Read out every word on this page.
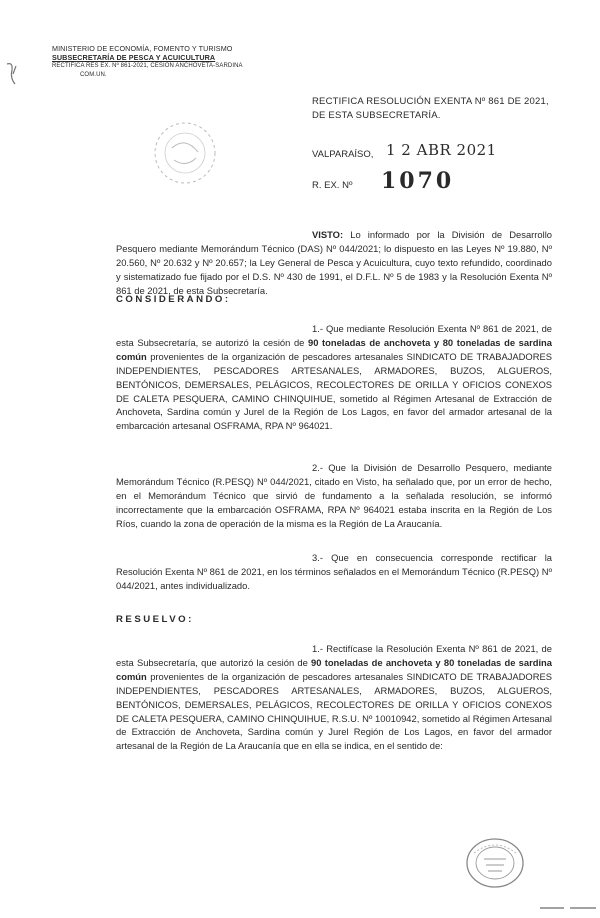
MINISTERIO DE ECONOMÍA, FOMENTO Y TURISMO
SUBSECRETARÍA DE PESCA Y ACUICULTURA
RECTIFICA RES EX. Nº 861-2021, CESIÓN ANCHOVETA-SARDINA
COM.UN.
RECTIFICA RESOLUCIÓN EXENTA Nº 861 DE 2021,
DE ESTA SUBSECRETARÍA.
VALPARAÍSO, 1 2 ABR 2021
R. EX. Nº 1070
VISTO: Lo informado por la División de Desarrollo Pesquero mediante Memorándum Técnico (DAS) Nº 044/2021; lo dispuesto en las Leyes Nº 19.880, Nº 20.560, Nº 20.632 y Nº 20.657; la Ley General de Pesca y Acuicultura, cuyo texto refundido, coordinado y sistematizado fue fijado por el D.S. Nº 430 de 1991, el D.F.L. Nº 5 de 1983 y la Resolución Exenta Nº 861 de 2021, de esta Subsecretaría.
CONSIDERANDO:
1.- Que mediante Resolución Exenta Nº 861 de 2021, de esta Subsecretaría, se autorizó la cesión de 90 toneladas de anchoveta y 80 toneladas de sardina común provenientes de la organización de pescadores artesanales SINDICATO DE TRABAJADORES INDEPENDIENTES, PESCADORES ARTESANALES, ARMADORES, BUZOS, ALGUEROS, BENTÓNICOS, DEMERSALES, PELÁGICOS, RECOLECTORES DE ORILLA Y OFICIOS CONEXOS DE CALETA PESQUERA, CAMINO CHINQUIHUE, sometido al Régimen Artesanal de Extracción de Anchoveta, Sardina común y Jurel de la Región de Los Lagos, en favor del armador artesanal de la embarcación artesanal OSFRAMA, RPA Nº 964021.
2.- Que la División de Desarrollo Pesquero, mediante Memorándum Técnico (R.PESQ) Nº 044/2021, citado en Visto, ha señalado que, por un error de hecho, en el Memorándum Técnico que sirvió de fundamento a la señalada resolución, se informó incorrectamente que la embarcación OSFRAMA, RPA Nº 964021 estaba inscrita en la Región de Los Ríos, cuando la zona de operación de la misma es la Región de La Araucanía.
3.- Que en consecuencia corresponde rectificar la Resolución Exenta Nº 861 de 2021, en los términos señalados en el Memorándum Técnico (R.PESQ) Nº 044/2021, antes individualizado.
RESUELVO:
1.- Rectifícase la Resolución Exenta Nº 861 de 2021, de esta Subsecretaría, que autorizó la cesión de 90 toneladas de anchoveta y 80 toneladas de sardina común provenientes de la organización de pescadores artesanales SINDICATO DE TRABAJADORES INDEPENDIENTES, PESCADORES ARTESANALES, ARMADORES, BUZOS, ALGUEROS, BENTÓNICOS, DEMERSALES, PELÁGICOS, RECOLECTORES DE ORILLA Y OFICIOS CONEXOS DE CALETA PESQUERA, CAMINO CHINQUIHUE, R.S.U. Nº 10010942, sometido al Régimen Artesanal de Extracción de Anchoveta, Sardina común y Jurel Región de Los Lagos, en favor del armador artesanal de la Región de La Araucanía que en ella se indica, en el sentido de:
